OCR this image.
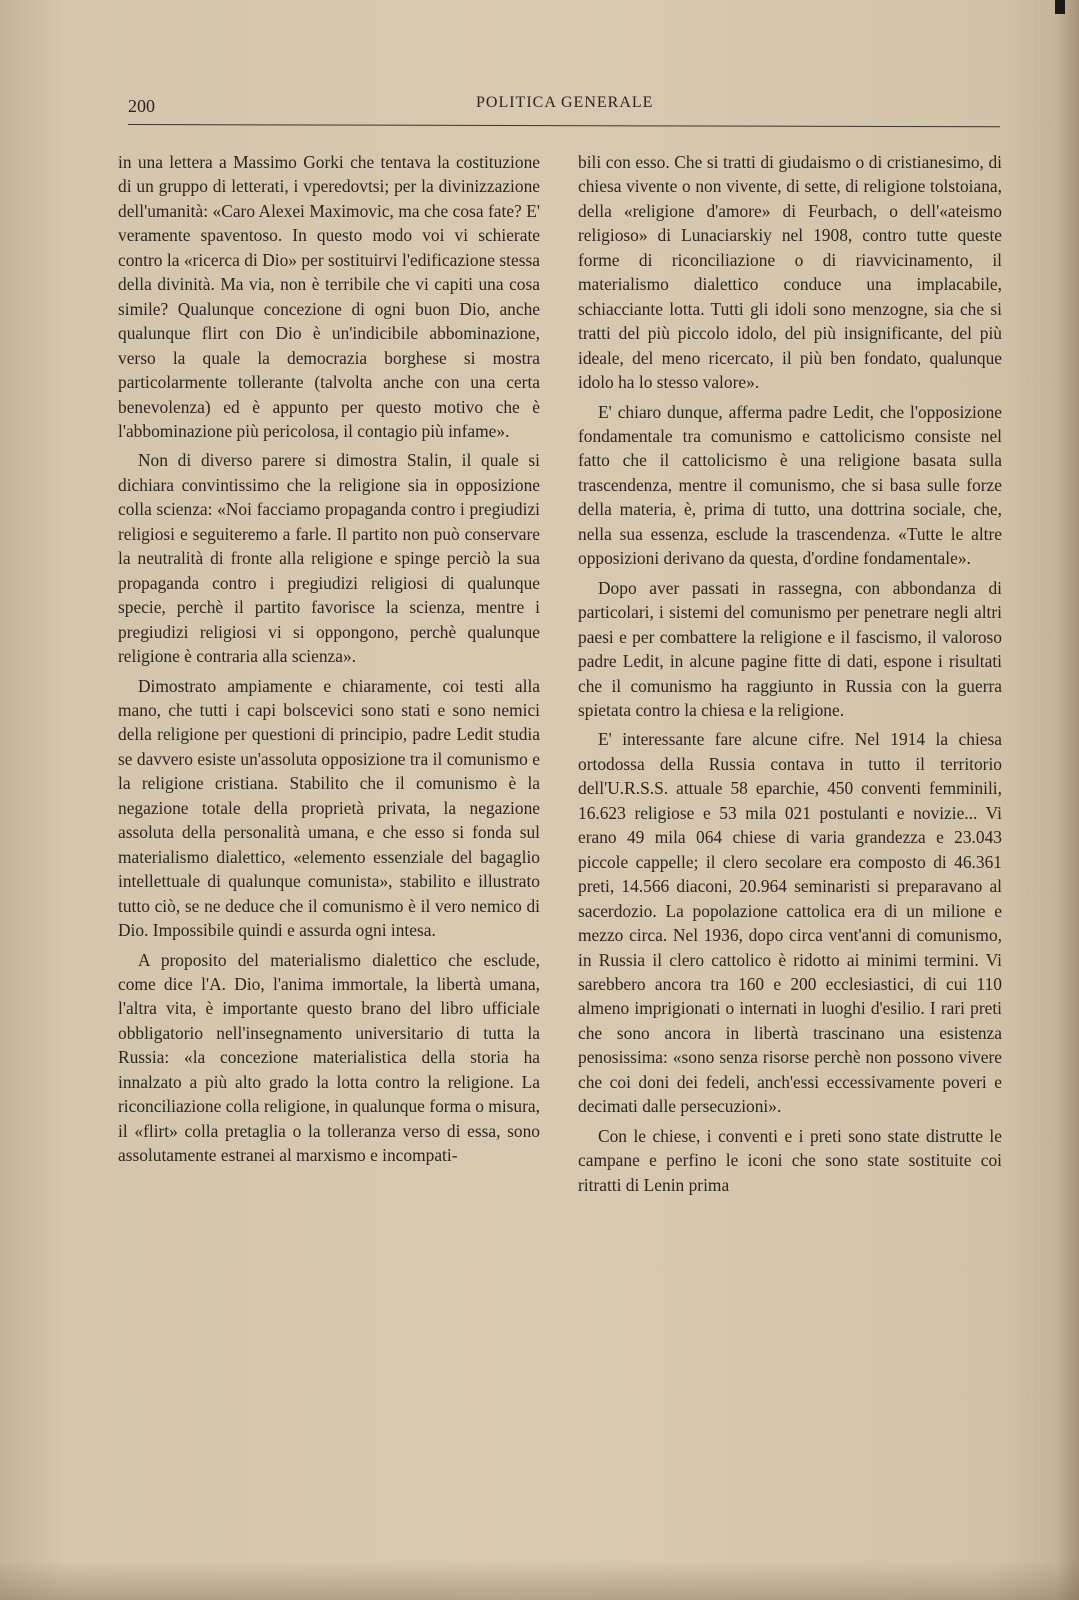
200	POLITICA GENERALE

in una lettera a Massimo Gorki che tentava la costituzione di un gruppo di letterati, i vperedovtsi; per la divinizzazione dell'umanità: «Caro Alexei Maximovic, ma che cosa fate? E' veramente spaventoso. In questo modo voi vi schierate contro la «ricerca di Dio» per sostituirvi l'edificazione stessa della divinità. Ma via, non è terribile che vi capiti una cosa simile? Qualunque concezione di ogni buon Dio, anche qualunque flirt con Dio è un'indicibile abbominazione, verso la quale la democrazia borghese si mostra particolarmente tollerante (talvolta anche con una certa benevolenza) ed è appunto per questo motivo che è l'abbominazione più pericolosa, il contagio più infame».

Non di diverso parere si dimostra Stalin, il quale si dichiara convintissimo che la religione sia in opposizione colla scienza: «Noi facciamo propaganda contro i pregiudizi religiosi e seguiteremo a farle. Il partito non può conservare la neutralità di fronte alla religione e spinge perciò la sua propaganda contro i pregiudizi religiosi di qualunque specie, perchè il partito favorisce la scienza, mentre i pregiudizi religiosi vi si oppongono, perchè qualunque religione è contraria alla scienza».

Dimostrato ampiamente e chiaramente, coi testi alla mano, che tutti i capi bolscevici sono stati e sono nemici della religione per questioni di principio, padre Ledit studia se davvero esiste un'assoluta opposizione tra il comunismo e la religione cristiana. Stabilito che il comunismo è la negazione totale della proprietà privata, la negazione assoluta della personalità umana, e che esso si fonda sul materialismo dialettico, «elemento essenziale del bagaglio intellettuale di qualunque comunista», stabilito e illustrato tutto ciò, se ne deduce che il comunismo è il vero nemico di Dio. Impossibile quindi e assurda ogni intesa.

A proposito del materialismo dialettico che esclude, come dice l'A. Dio, l'anima immortale, la libertà umana, l'altra vita, è importante questo brano del libro ufficiale obbligatorio nell'insegnamento universitario di tutta la Russia: «la concezione materialistica della storia ha innalzato a più alto grado la lotta contro la religione. La riconciliazione colla religione, in qualunque forma o misura, il «flirt» colla pretaglia o la tolleranza verso di essa, sono assolutamente estranei al marxismo e incompati-

bili con esso. Che si tratti di giudaismo o di cristianesimo, di chiesa vivente o non vivente, di sette, di religione tolstoiana, della «religione d'amore» di Feurbach, o dell'«ateismo religioso» di Lunaciarskiy nel 1908, contro tutte queste forme di riconciliazione o di riavvicinamento, il materialismo dialettico conduce una implacabile, schiacciante lotta. Tutti gli idoli sono menzogne, sia che si tratti del più piccolo idolo, del più insignificante, del più ideale, del meno ricercato, il più ben fondato, qualunque idolo ha lo stesso valore».

E' chiaro dunque, afferma padre Ledit, che l'opposizione fondamentale tra comunismo e cattolicismo consiste nel fatto che il cattolicismo è una religione basata sulla trascendenza, mentre il comunismo, che si basa sulle forze della materia, è, prima di tutto, una dottrina sociale, che, nella sua essenza, esclude la trascendenza. «Tutte le altre opposizioni derivano da questa, d'ordine fondamentale».

Dopo aver passati in rassegna, con abbondanza di particolari, i sistemi del comunismo per penetrare negli altri paesi e per combattere la religione e il fascismo, il valoroso padre Ledit, in alcune pagine fitte di dati, espone i risultati che il comunismo ha raggiunto in Russia con la guerra spietata contro la chiesa e la religione.

E' interessante fare alcune cifre. Nel 1914 la chiesa ortodossa della Russia contava in tutto il territorio dell'U.R.S.S. attuale 58 eparchie, 450 conventi femminili, 16.623 religiose e 53 mila 021 postulanti e novizie... Vi erano 49 mila 064 chiese di varia grandezza e 23.043 piccole cappelle; il clero secolare era composto di 46.361 preti, 14.566 diaconi, 20.964 seminaristi si preparavano al sacerdozio. La popolazione cattolica era di un milione e mezzo circa. Nel 1936, dopo circa vent'anni di comunismo, in Russia il clero cattolico è ridotto ai minimi termini. Vi sarebbero ancora tra 160 e 200 ecclesiastici, di cui 110 almeno imprigionati o internati in luoghi d'esilio. I rari preti che sono ancora in libertà trascinano una esistenza penosissima: «sono senza risorse perchè non possono vivere che coi doni dei fedeli, anch'essi eccessivamente poveri e decimati dalle persecuzioni».

Con le chiese, i conventi e i preti sono state distrutte le campane e perfino le iconi che sono state sostituite coi ritratti di Lenin prima
